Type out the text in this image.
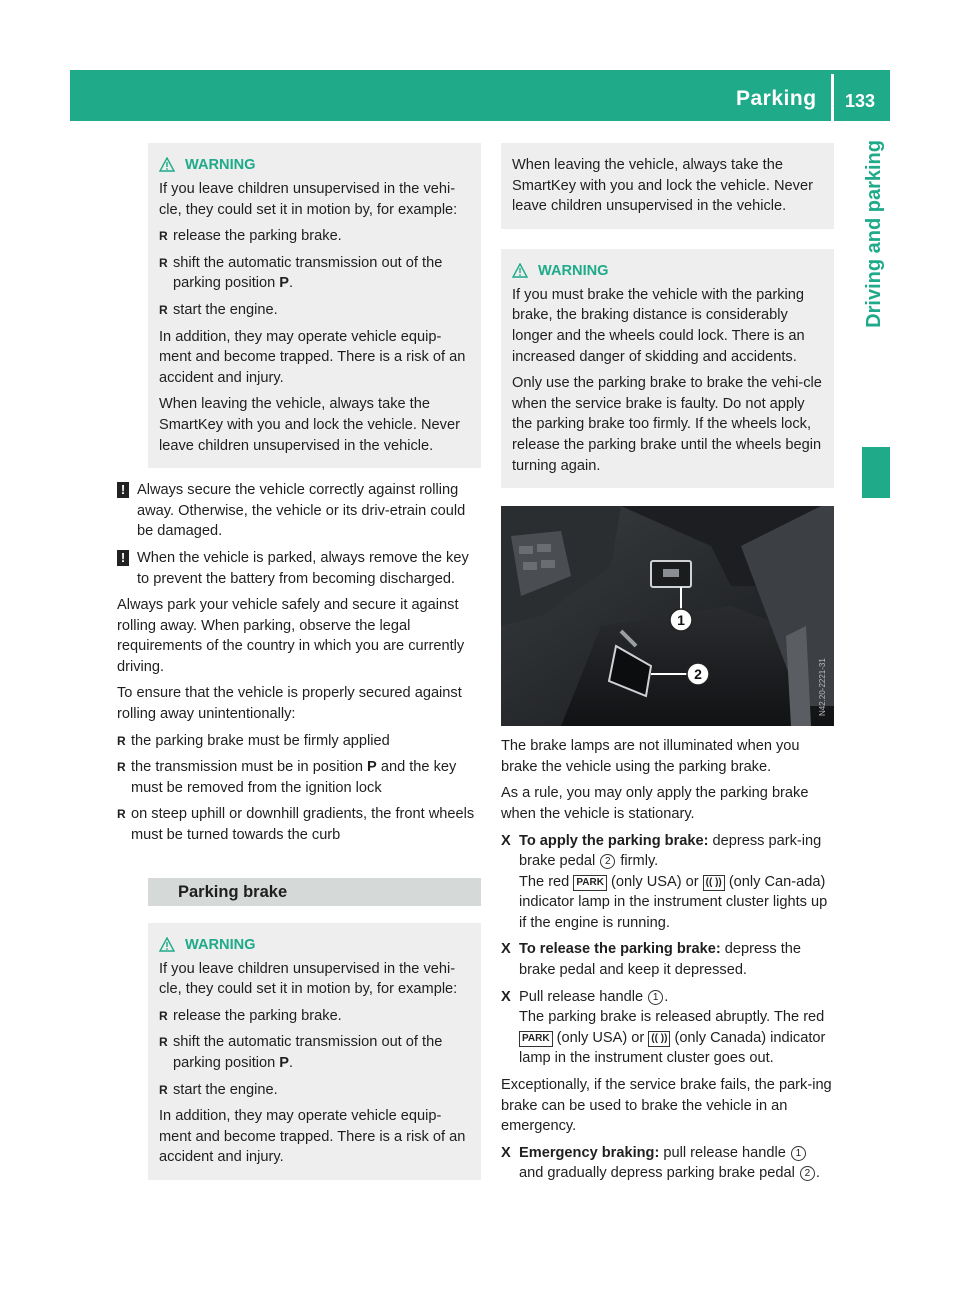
Parking 133
Driving and parking
WARNING

If you leave children unsupervised in the vehi-cle, they could set it in motion by, for example:

R release the parking brake.
R shift the automatic transmission out of the parking position P.
R start the engine.

In addition, they may operate vehicle equip-ment and become trapped. There is a risk of an accident and injury.

When leaving the vehicle, always take the SmartKey with you and lock the vehicle. Never leave children unsupervised in the vehicle.

! Always secure the vehicle correctly against rolling away. Otherwise, the vehicle or its driv-etrain could be damaged.
! When the vehicle is parked, always remove the key to prevent the battery from becoming discharged.

Always park your vehicle safely and secure it against rolling away. When parking, observe the legal requirements of the country in which you are currently driving.

To ensure that the vehicle is properly secured against rolling away unintentionally:

R the parking brake must be firmly applied
R the transmission must be in position P and the key must be removed from the ignition lock
R on steep uphill or downhill gradients, the front wheels must be turned towards the curb
Parking brake
WARNING

If you leave children unsupervised in the vehi-cle, they could set it in motion by, for example:

R release the parking brake.
R shift the automatic transmission out of the parking position P.
R start the engine.

In addition, they may operate vehicle equip-ment and become trapped. There is a risk of an accident and injury.

When leaving the vehicle, always take the SmartKey with you and lock the vehicle. Never leave children unsupervised in the vehicle.

WARNING

If you must brake the vehicle with the parking brake, the braking distance is considerably longer and the wheels could lock. There is an increased danger of skidding and accidents.

Only use the parking brake to brake the vehi-cle when the service brake is faulty. Do not apply the parking brake too firmly. If the wheels lock, release the parking brake until the wheels begin turning again.

1
2	N42.20-2221-31

The brake lamps are not illuminated when you brake the vehicle using the parking brake.

As a rule, you may only apply the parking brake when the vehicle is stationary.

X To apply the parking brake: depress park-ing brake pedal 2 firmly.
The red PARK (only USA) or (( )) (only Can-ada) indicator lamp in the instrument cluster lights up if the engine is running.
X To release the parking brake: depress the brake pedal and keep it depressed.
X Pull release handle 1 .
The parking brake is released abruptly. The red PARK (only USA) or (( )) (only Canada) indicator lamp in the instrument cluster goes out.

Exceptionally, if the service brake fails, the park-ing brake can be used to brake the vehicle in an emergency.

X Emergency braking: pull release handle 1 and gradually depress parking brake pedal 2 .
